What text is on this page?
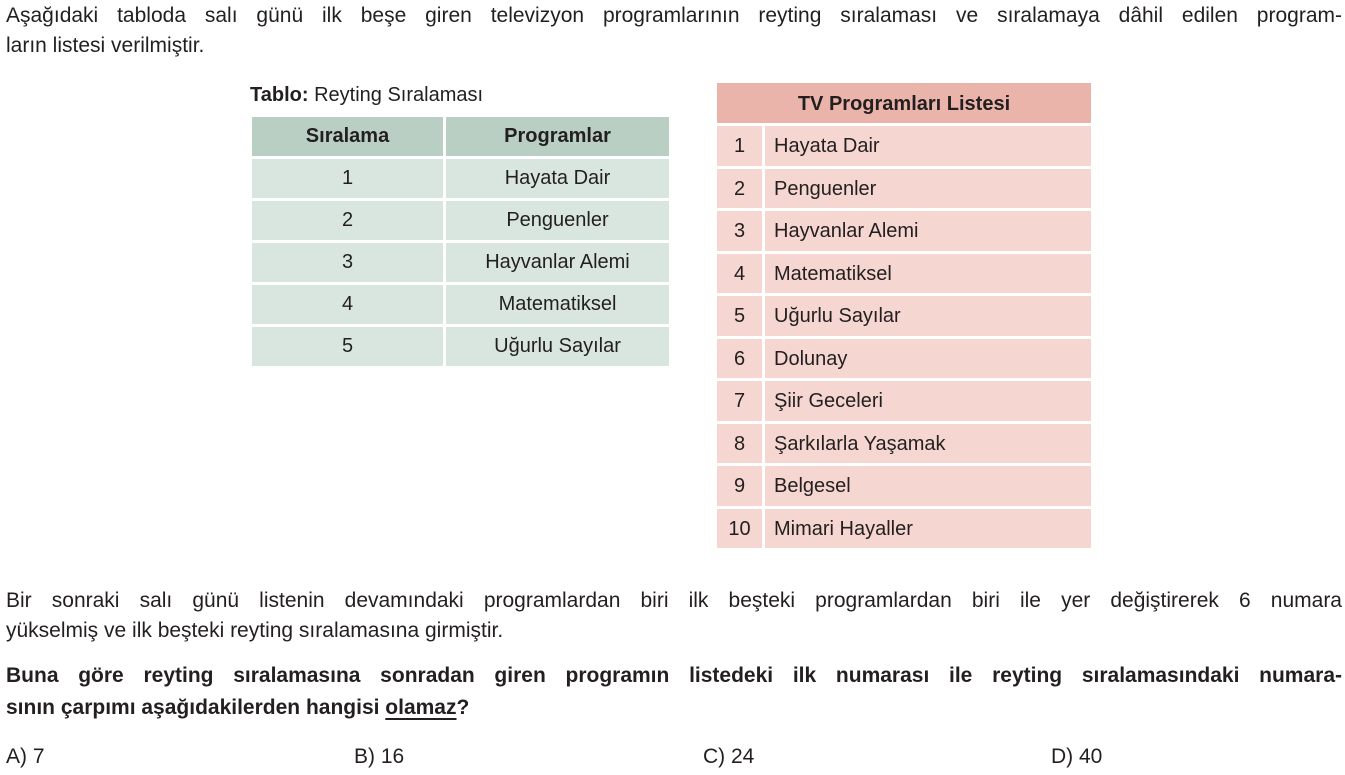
Aşağıdaki tabloda salı günü ilk beşe giren televizyon programlarının reyting sıralaması ve sıralamaya dâhil edilen program-
ların listesi verilmiştir.
Tablo: Reyting Sıralaması
Sıralama	Programlar
1	Hayata Dair
2	Penguenler
3	Hayvanlar Alemi
4	Matematiksel
5	Uğurlu Sayılar
TV Programları Listesi
1	Hayata Dair
2	Penguenler
3	Hayvanlar Alemi
4	Matematiksel
5	Uğurlu Sayılar
6	Dolunay
7	Şiir Geceleri
8	Şarkılarla Yaşamak
9	Belgesel
10	Mimari Hayaller
Bir sonraki salı günü listenin devamındaki programlardan biri ilk beşteki programlardan biri ile yer değiştirerek 6 numara
yükselmiş ve ilk beşteki reyting sıralamasına girmiştir.
Buna göre reyting sıralamasına sonradan giren programın listedeki ilk numarası ile reyting sıralamasındaki numara-
sının çarpımı aşağıdakilerden hangisi olamaz?
A) 7	B) 16	C) 24	D) 40
